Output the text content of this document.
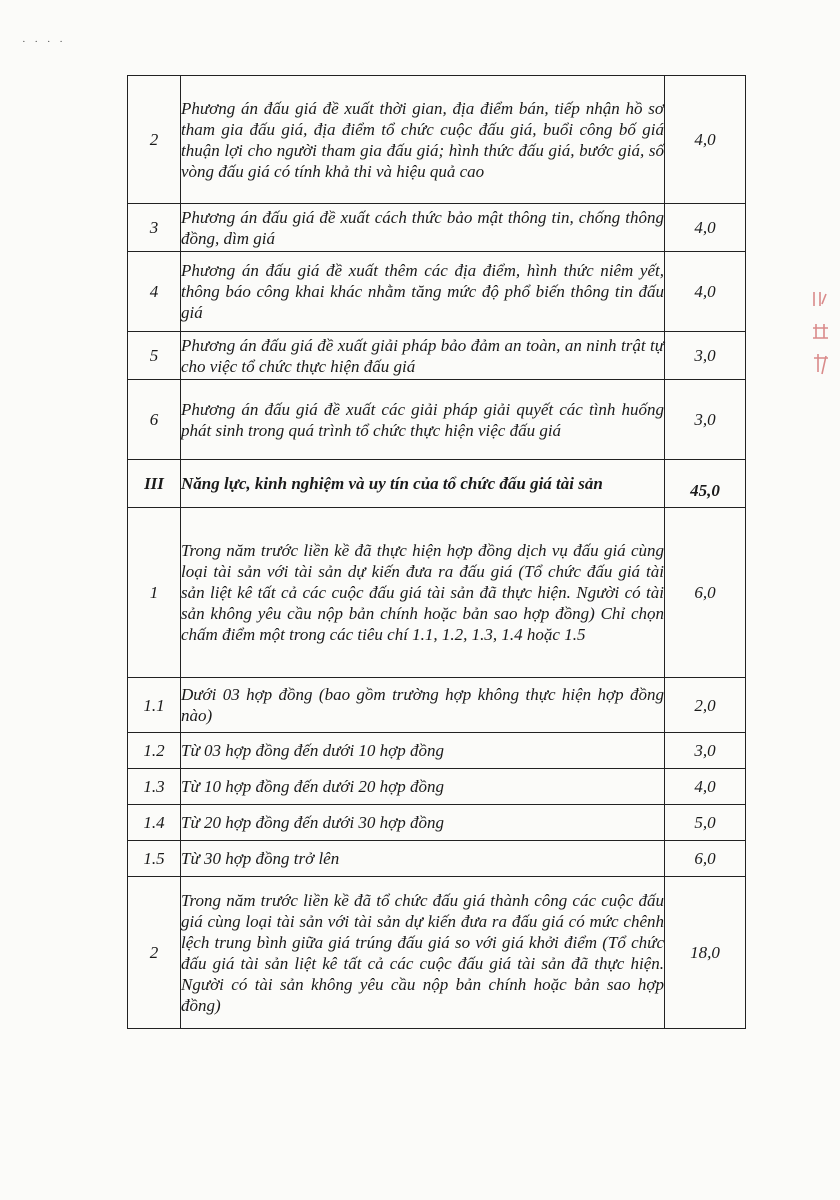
· · · ·
2	Phương án đấu giá đề xuất thời gian, địa điểm bán, tiếp nhận hồ sơ tham gia đấu giá, địa điểm tổ chức cuộc đấu giá, buổi công bố giá thuận lợi cho người tham gia đấu giá; hình thức đấu giá, bước giá, số vòng đấu giá có tính khả thi và hiệu quả cao	4,0
3	Phương án đấu giá đề xuất cách thức bảo mật thông tin, chống thông đồng, dìm giá	4,0
4	Phương án đấu giá đề xuất thêm các địa điểm, hình thức niêm yết, thông báo công khai khác nhằm tăng mức độ phổ biến thông tin đấu giá	4,0
5	Phương án đấu giá đề xuất giải pháp bảo đảm an toàn, an ninh trật tự cho việc tổ chức thực hiện đấu giá	3,0
6	Phương án đấu giá đề xuất các giải pháp giải quyết các tình huống phát sinh trong quá trình tổ chức thực hiện việc đấu giá	3,0
III	Năng lực, kinh nghiệm và uy tín của tổ chức đấu giá tài sản	45,0
1	Trong năm trước liền kề đã thực hiện hợp đồng dịch vụ đấu giá cùng loại tài sản với tài sản dự kiến đưa ra đấu giá (Tổ chức đấu giá tài sản liệt kê tất cả các cuộc đấu giá tài sản đã thực hiện. Người có tài sản không yêu cầu nộp bản chính hoặc bản sao hợp đồng) Chỉ chọn chấm điểm một trong các tiêu chí 1.1, 1.2, 1.3, 1.4 hoặc 1.5	6,0
1.1	Dưới 03 hợp đồng (bao gồm trường hợp không thực hiện hợp đồng nào)	2,0
1.2	Từ 03 hợp đồng đến dưới 10 hợp đồng	3,0
1.3	Từ 10 hợp đồng đến dưới 20 hợp đồng	4,0
1.4	Từ 20 hợp đồng đến dưới 30 hợp đồng	5,0
1.5	Từ 30 hợp đồng trở lên	6,0
2	Trong năm trước liền kề đã tổ chức đấu giá thành công các cuộc đấu giá cùng loại tài sản với tài sản dự kiến đưa ra đấu giá có mức chênh lệch trung bình giữa giá trúng đấu giá so với giá khởi điểm (Tổ chức đấu giá tài sản liệt kê tất cả các cuộc đấu giá tài sản đã thực hiện. Người có tài sản không yêu cầu nộp bản chính hoặc bản sao hợp đồng)	18,0
